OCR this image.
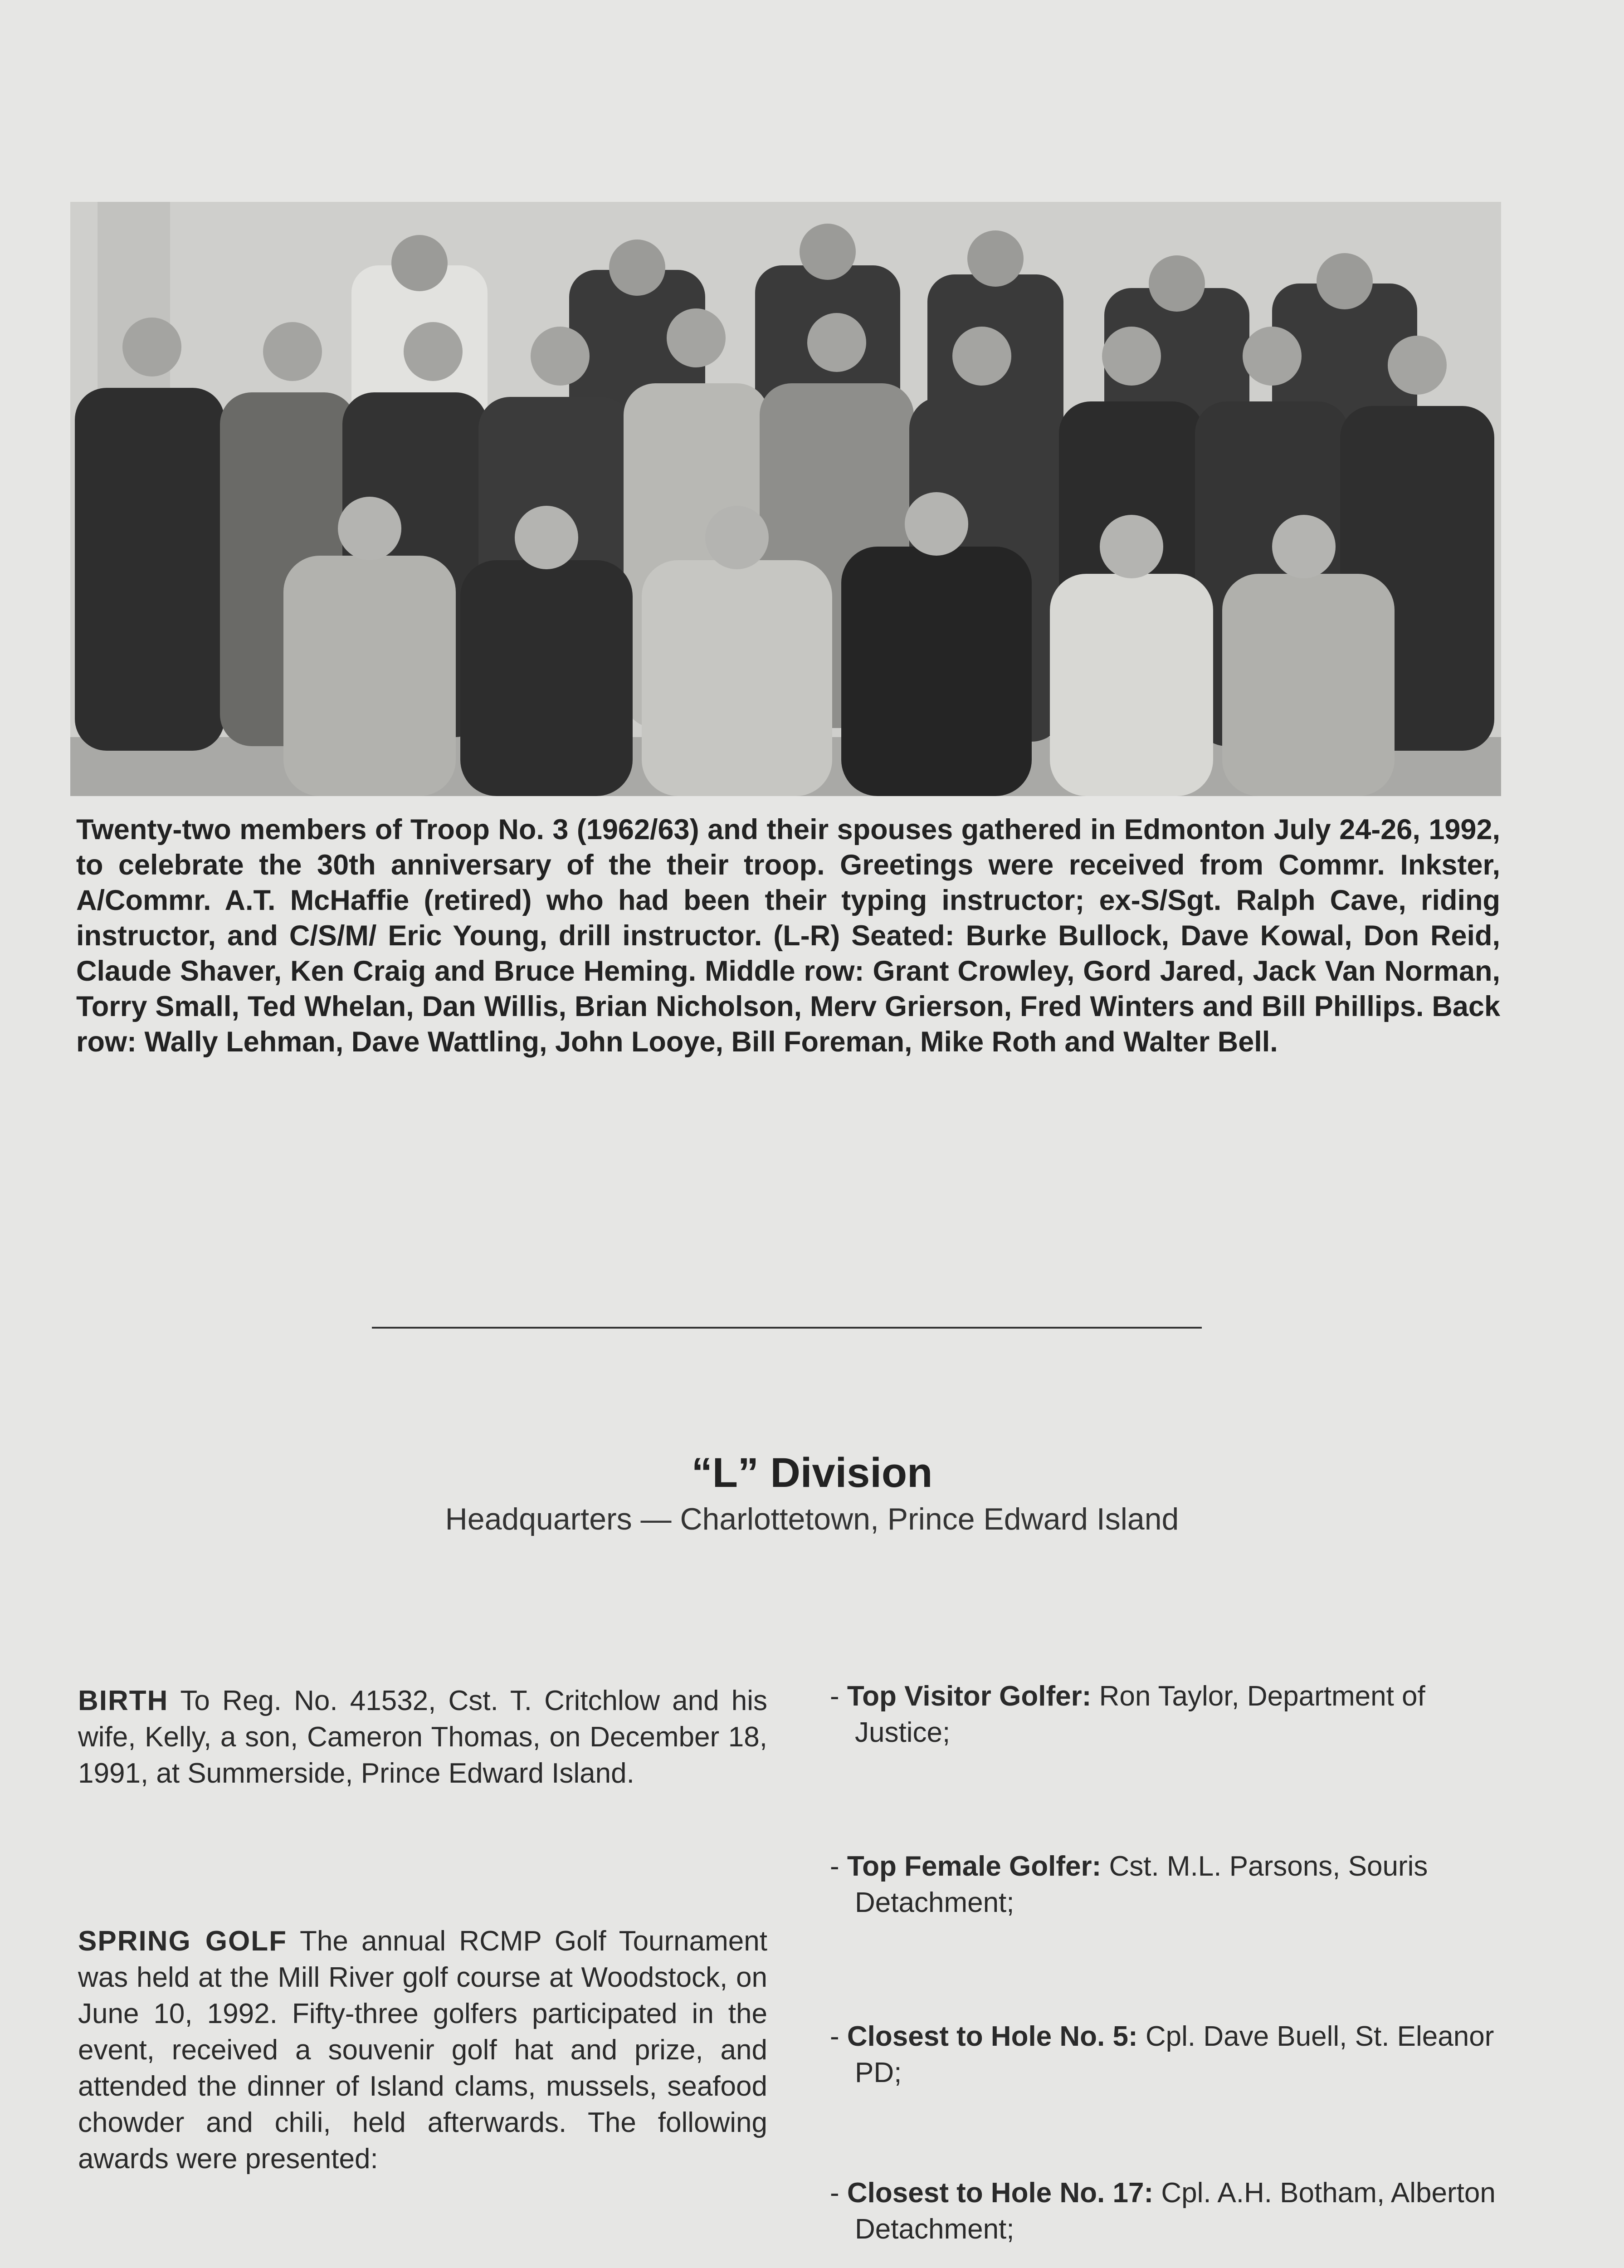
Twenty-two members of Troop No. 3 (1962/63) and their spouses gathered in Edmonton July 24-26, 1992, to celebrate the 30th anniversary of the their troop. Greetings were received from Commr. Inkster, A/Commr. A.T. McHaffie (retired) who had been their typing instructor; ex-S/Sgt. Ralph Cave, riding instructor, and C/S/M/ Eric Young, drill instructor. (L-R) Seated: Burke Bullock, Dave Kowal, Don Reid, Claude Shaver, Ken Craig and Bruce Heming. Middle row: Grant Crowley, Gord Jared, Jack Van Norman, Torry Small, Ted Whelan, Dan Willis, Brian Nicholson, Merv Grierson, Fred Winters and Bill Phillips. Back row: Wally Lehman, Dave Wattling, John Looye, Bill Foreman, Mike Roth and Walter Bell.
“L” Division
Headquarters — Charlottetown, Prince Edward Island
BIRTH To Reg. No. 41532, Cst. T. Critchlow and his wife, Kelly, a son, Cameron Thomas, on December 18, 1991, at Summerside, Prince Edward Island.
SPRING GOLF The annual RCMP Golf Tournament was held at the Mill River golf course at Woodstock, on June 10, 1992. Fifty-three golfers participated in the event, received a souvenir golf hat and prize, and attended the dinner of Island clams, mussels, seafood chowder and chili, held afterwards. The following awards were presented:
- Top Visitor Golfer: Ron Taylor, Department of Justice;
- Top Female Golfer: Cst. M.L. Parsons, Souris Detachment;
- Closest to Hole No. 5: Cpl. Dave Buell, St. Eleanor PD;
- Closest to Hole No. 17: Cpl. A.H. Botham, Alberton Detachment;
